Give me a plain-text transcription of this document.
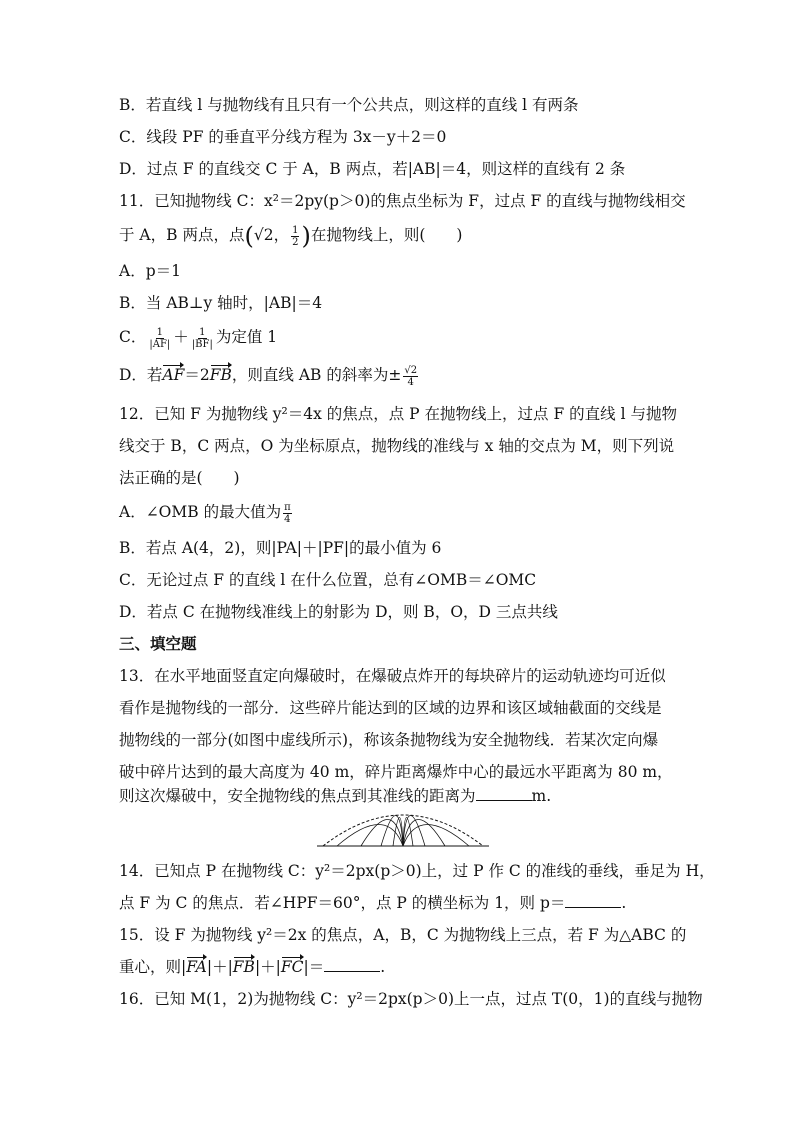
B．若直线 l 与抛物线有且只有一个公共点，则这样的直线 l 有两条
C．线段 PF 的垂直平分线方程为 3x－y＋2＝0
D．过点 F 的直线交 C 于 A，B 两点，若|AB|＝4，则这样的直线有 2 条
11．已知抛物线 C：x²＝2py(p＞0)的焦点坐标为 F，过点 F 的直线与抛物线相交
于 A，B 两点，点(√2， $\frac{1}{2}$ )在抛物线上，则(　　)
A．p＝1
B．当 AB⊥y 轴时，|AB|＝4
C． $\frac{1}{|AF|} + \frac{1}{|BF|}$ 为定值 1
D．若AF＝2FB，则直线 AB 的斜率为± $\frac{√2}{4}$
12．已知 F 为抛物线 y²＝4x 的焦点，点 P 在抛物线上，过点 F 的直线 l 与抛物
线交于 B，C 两点，O 为坐标原点，抛物线的准线与 x 轴的交点为 M，则下列说
法正确的是(　　)
A．∠OMB 的最大值为 $\frac{\pi}{4}$
B．若点 A(4，2)，则|PA|＋|PF|的最小值为 6
C．无论过点 F 的直线 l 在什么位置，总有∠OMB＝∠OMC
D．若点 C 在抛物线准线上的射影为 D，则 B，O，D 三点共线
三、填空题
13．在水平地面竖直定向爆破时，在爆破点炸开的每块碎片的运动轨迹均可近似
看作是抛物线的一部分．这些碎片能达到的区域的边界和该区域轴截面的交线是
抛物线的一部分(如图中虚线所示)，称该条抛物线为安全抛物线．若某次定向爆
破中碎片达到的最大高度为 40 m，碎片距离爆炸中心的最远水平距离为 80 m，
则这次爆破中，安全抛物线的焦点到其准线的距离为	m.
14．已知点 P 在抛物线 C：y²＝2px(p＞0)上，过 P 作 C 的准线的垂线，垂足为 H，
点 F 为 C 的焦点．若∠HPF＝60°，点 P 的横坐标为 1，则 p＝	.
15．设 F 为抛物线 y²＝2x 的焦点，A，B，C 为抛物线上三点，若 F 为△ABC 的
重心，则|FA|＋|FB|＋|FC|＝	.
16．已知 M(1，2)为抛物线 C：y²＝2px(p＞0)上一点，过点 T(0，1)的直线与抛物
